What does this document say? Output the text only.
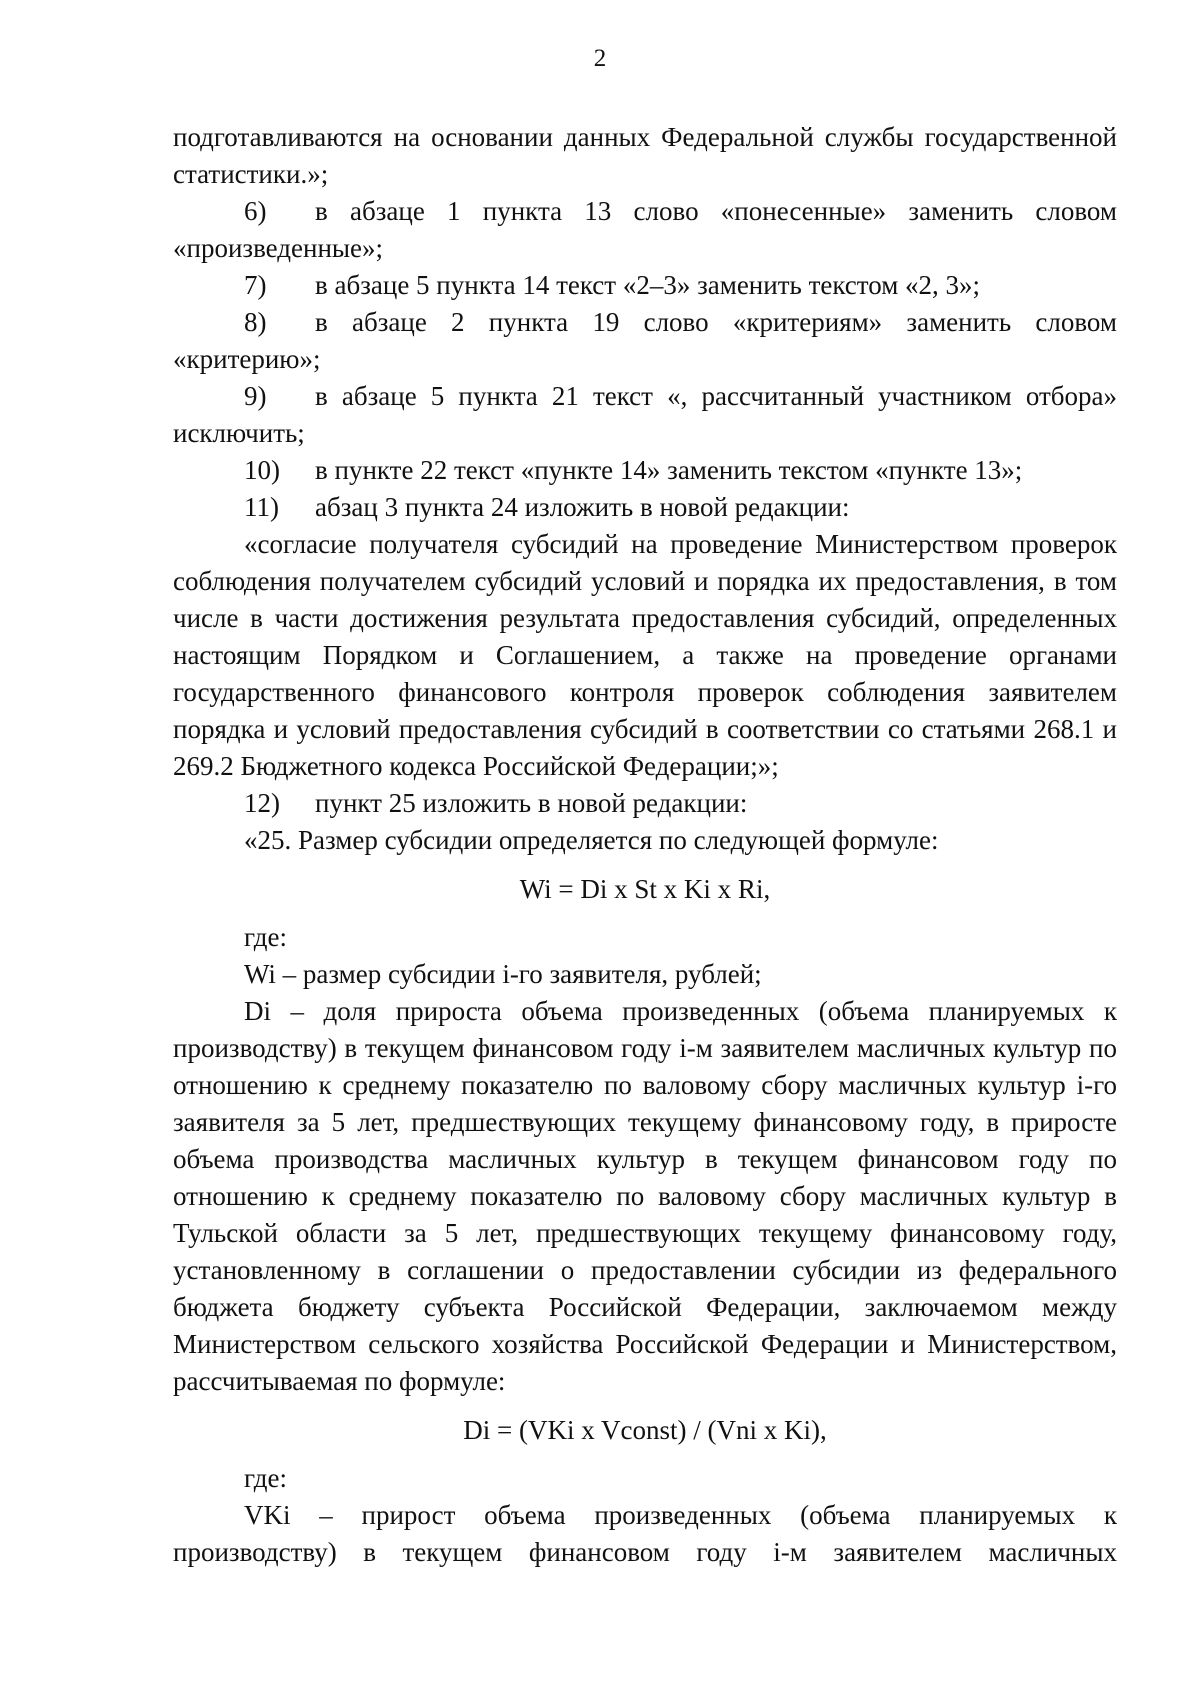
2

подготавливаются на основании данных Федеральной службы государственной статистики.»;

6) в абзаце 1 пункта 13 слово «понесенные» заменить словом «произведенные»;

7) в абзаце 5 пункта 14 текст «2–3» заменить текстом «2, 3»;

8) в абзаце 2 пункта 19 слово «критериям» заменить словом «критерию»;

9) в абзаце 5 пункта 21 текст «, рассчитанный участником отбора» исключить;

10) в пункте 22 текст «пункте 14» заменить текстом «пункте 13»;

11) абзац 3 пункта 24 изложить в новой редакции:

«согласие получателя субсидий на проведение Министерством проверок соблюдения получателем субсидий условий и порядка их предоставления, в том числе в части достижения результата предоставления субсидий, определенных настоящим Порядком и Соглашением, а также на проведение органами государственного финансового контроля проверок соблюдения заявителем порядка и условий предоставления субсидий в соответствии со статьями 268.1 и 269.2 Бюджетного кодекса Российской Федерации;»;

12) пункт 25 изложить в новой редакции:

«25. Размер субсидии определяется по следующей формуле:

Wi = Di x St x Ki x Ri,

где:

Wi – размер субсидии i-го заявителя, рублей;

Di – доля прироста объема произведенных (объема планируемых к производству) в текущем финансовом году i-м заявителем масличных культур по отношению к среднему показателю по валовому сбору масличных культур i-го заявителя за 5 лет, предшествующих текущему финансовому году, в приросте объема производства масличных культур в текущем финансовом году по отношению к среднему показателю по валовому сбору масличных культур в Тульской области за 5 лет, предшествующих текущему финансовому году, установленному в соглашении о предоставлении субсидии из федерального бюджета бюджету субъекта Российской Федерации, заключаемом между Министерством сельского хозяйства Российской Федерации и Министерством, рассчитываемая по формуле:

Di = (VKi x Vconst) / (Vni x Ki),

где:

VKi – прирост объема произведенных (объема планируемых к производству) в текущем финансовом году i-м заявителем масличных
